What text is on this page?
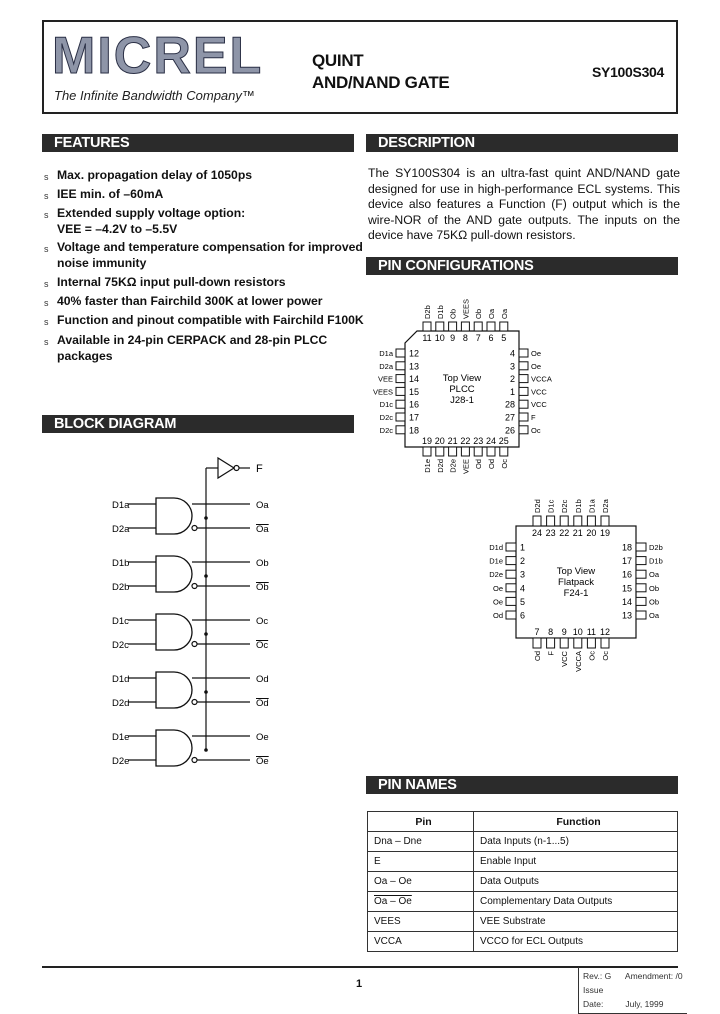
MICREL
The Infinite Bandwidth Company™
QUINT
AND/NAND GATE
SY100S304
FEATURES
s Max. propagation delay of 1050ps
s IEE min. of –60mA
s Extended supply voltage option:
VEE = –4.2V to –5.5V
s Voltage and temperature compensation for improved noise immunity
s Internal 75KΩ input pull-down resistors
s 40% faster than Fairchild 300K at lower power
s Function and pinout compatible with Fairchild F100K
s Available in 24-pin CERPACK and 28-pin PLCC packages
DESCRIPTION
The SY100S304 is an ultra-fast quint AND/NAND gate designed for use in high-performance ECL systems. This device also features a Function (F) output which is the wire-NOR of the AND gate outputs. The inputs on the device have 75KΩ pull-down resistors.
PIN CONFIGURATIONS
Top View
PLCC
J28-1
11
D2b
19
D1e
10
D1b
20
D2d
9
Ob
21
D2e
8
VEES
22
VEE
7
Ob
23
Od
6
Oa
24
Od
5
Oa
25
Oc
12
D1a	4 Oe
13
D2a	3 Oe
14
VEE	2 VCCA
15
VEES	1 VCC
16
D1c	28 VCC
17
D2c	27 F
18
D2c	26 Oc
Top View
Flatpack
F24-1
24
D2d
7
Od
23
D1c
8
F
22
D2c
9
VCC
21
D1b
10
VCCA
20
D1a
11
Oc
19
D2a
12
Oc
1
D1d	18 D2b
2
D1e	17 D1b
3
D2e	16 Oa
4
Oe	15 Ob
5
Oe	14 Ob
6
Od	13 Oa
BLOCK DIAGRAM
F
D1a
D2a
Oa
Oa
D1b
D2b
Ob
Ob
D1c
D2c
Oc
Oc
D1d
D2d
Od
Od
D1e
D2e
Oe
Oe
PIN NAMES
Pin	Function
Dna – Dne	Data Inputs (n-1...5)
E	Enable Input
Oa – Oe	Data Outputs
Oa – Oe	Complementary Data Outputs
VEES	VEE Substrate
VCCA	VCCO for ECL Outputs
1
Rev.: G Amendment: /0
Issue Date:	July, 1999
